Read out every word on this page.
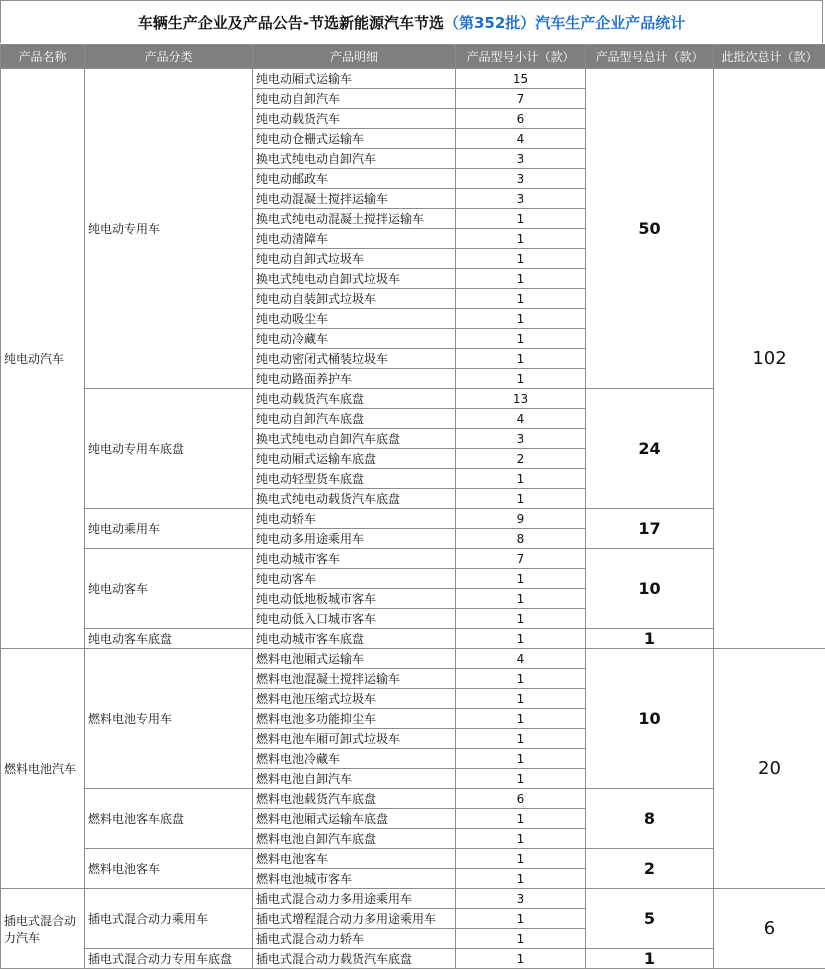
车辆生产企业及产品公告-节选新能源汽车节选 （第352批）汽车生产企业产品统计
产品名称	产品分类	产品明细	产品型号小计（款）	产品型号总计（款）	此批次总计（款）
纯电动汽车	纯电动专用车	纯电动厢式运输车	15	50	102
		纯电动自卸汽车	7		
		纯电动载货汽车	6		
		纯电动仓栅式运输车	4		
		换电式纯电动自卸汽车	3		
		纯电动邮政车	3		
		纯电动混凝土搅拌运输车	3		
		换电式纯电动混凝土搅拌运输车	1		
		纯电动清障车	1		
		纯电动自卸式垃圾车	1		
		换电式纯电动自卸式垃圾车	1		
		纯电动自装卸式垃圾车	1		
		纯电动吸尘车	1		
		纯电动冷藏车	1		
		纯电动密闭式桶装垃圾车	1		
		纯电动路面养护车	1		
	纯电动专用车底盘	纯电动载货汽车底盘	13	24	
		纯电动自卸汽车底盘	4		
		换电式纯电动自卸汽车底盘	3		
		纯电动厢式运输车底盘	2		
		纯电动轻型货车底盘	1		
		换电式纯电动载货汽车底盘	1		
	纯电动乘用车	纯电动轿车	9	17	
		纯电动多用途乘用车	8		
	纯电动客车	纯电动城市客车	7	10	
		纯电动客车	1		
		纯电动低地板城市客车	1		
		纯电动低入口城市客车	1		
	纯电动客车底盘	纯电动城市客车底盘	1	1	
燃料电池汽车	燃料电池专用车	燃料电池厢式运输车	4	10	20
		燃料电池混凝土搅拌运输车	1		
		燃料电池压缩式垃圾车	1		
		燃料电池多功能抑尘车	1		
		燃料电池车厢可卸式垃圾车	1		
		燃料电池冷藏车	1		
		燃料电池自卸汽车	1		
	燃料电池客车底盘	燃料电池载货汽车底盘	6	8	
		燃料电池厢式运输车底盘	1		
		燃料电池自卸汽车底盘	1		
	燃料电池客车	燃料电池客车	1	2	
		燃料电池城市客车	1		
插电式混合动力汽车	插电式混合动力乘用车	插电式混合动力多用途乘用车	3	5	6
		插电式增程混合动力多用途乘用车	1		
		插电式混合动力轿车	1		
	插电式混合动力专用车底盘	插电式混合动力载货汽车底盘	1	1	
